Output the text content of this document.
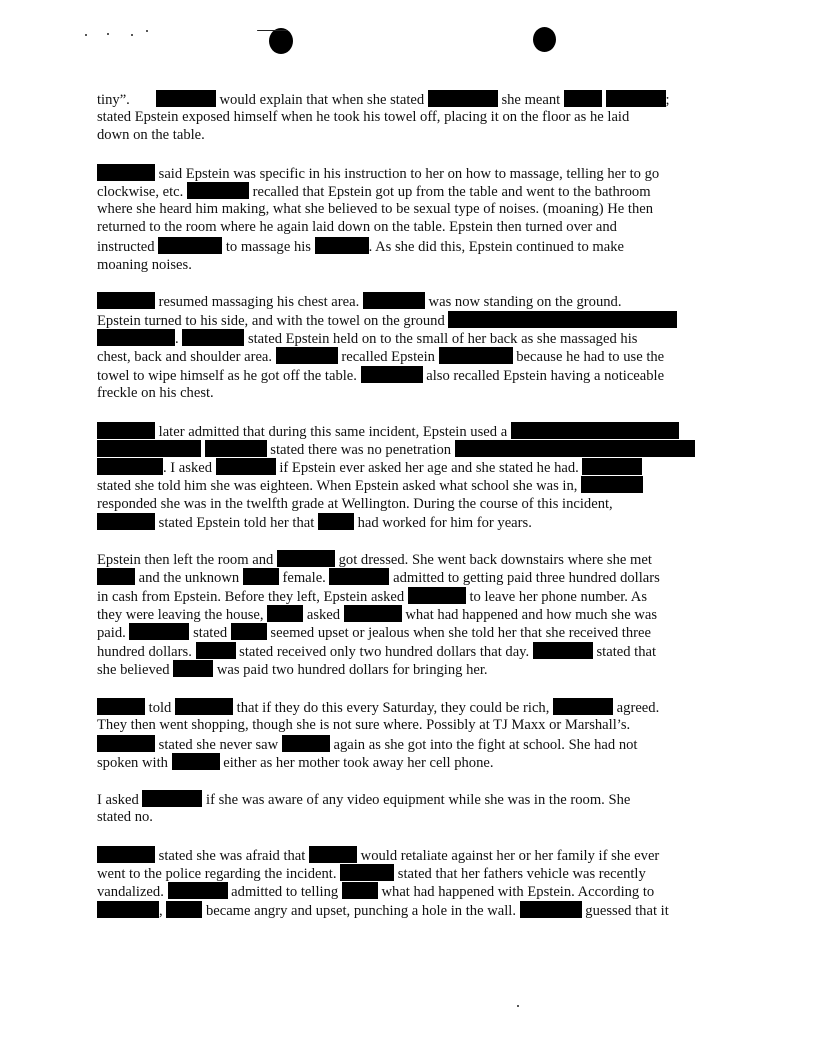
tiny”.	would explain that when she stated	she meant	;
stated Epstein exposed himself when he took his towel off, placing it on the floor as he laid
down on the table.
said Epstein was specific in his instruction to her on how to massage, telling her to go
clockwise, etc.	recalled that Epstein got up from the table and went to the bathroom
where she heard him making, what she believed to be sexual type of noises. (moaning) He then
returned to the room where he again laid down on the table. Epstein then turned over and
instructed	to massage his	. As she did this, Epstein continued to make
moaning noises.
resumed massaging his chest area.	was now standing on the ground.
Epstein turned to his side, and with the towel on the ground
.	stated Epstein held on to the small of her back as she massaged his
chest, back and shoulder area.	recalled Epstein	because he had to use the
towel to wipe himself as he got off the table.	also recalled Epstein having a noticeable
freckle on his chest.
later admitted that during this same incident, Epstein used a
stated there was no penetration
. I asked	if Epstein ever asked her age and she stated he had.
stated she told him she was eighteen. When Epstein asked what school she was in,
responded she was in the twelfth grade at Wellington. During the course of this incident,
stated Epstein told her that  had worked for him for years.
Epstein then left the room and	got dressed. She went back downstairs where she met
and the unknown  female.	admitted to getting paid three hundred dollars
in cash from Epstein. Before they left, Epstein asked	to leave her phone number. As
they were leaving the house,  asked	what had happened and how much she was
paid.	stated  seemed upset or jealous when she told her that she received three
hundred dollars.	stated received only two hundred dollars that day.	stated that
she believed	was paid two hundred dollars for bringing her.
told	that if they do this every Saturday, they could be rich,	agreed.
They then went shopping, though she is not sure where. Possibly at TJ Maxx or Marshall’s.
stated she never saw	again as she got into the fight at school. She had not
spoken with	either as her mother took away her cell phone.
I asked	if she was aware of any video equipment while she was in the room. She
stated no.
stated she was afraid that	would retaliate against her or her family if she ever
went to the police regarding the incident.	stated that her fathers vehicle was recently
vandalized.	admitted to telling  what had happened with Epstein. According to
,  became angry and upset, punching a hole in the wall.	guessed that it
